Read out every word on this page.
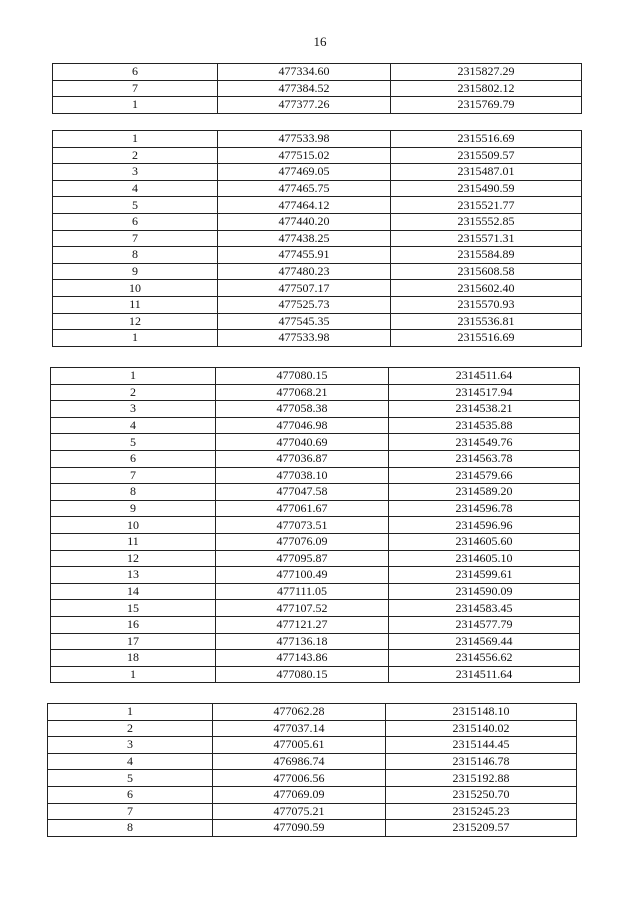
16
6	477334.60	2315827.29
7	477384.52	2315802.12
1	477377.26	2315769.79
1	477533.98	2315516.69
2	477515.02	2315509.57
3	477469.05	2315487.01
4	477465.75	2315490.59
5	477464.12	2315521.77
6	477440.20	2315552.85
7	477438.25	2315571.31
8	477455.91	2315584.89
9	477480.23	2315608.58
10	477507.17	2315602.40
11	477525.73	2315570.93
12	477545.35	2315536.81
1	477533.98	2315516.69
1	477080.15	2314511.64
2	477068.21	2314517.94
3	477058.38	2314538.21
4	477046.98	2314535.88
5	477040.69	2314549.76
6	477036.87	2314563.78
7	477038.10	2314579.66
8	477047.58	2314589.20
9	477061.67	2314596.78
10	477073.51	2314596.96
11	477076.09	2314605.60
12	477095.87	2314605.10
13	477100.49	2314599.61
14	477111.05	2314590.09
15	477107.52	2314583.45
16	477121.27	2314577.79
17	477136.18	2314569.44
18	477143.86	2314556.62
1	477080.15	2314511.64
1	477062.28	2315148.10
2	477037.14	2315140.02
3	477005.61	2315144.45
4	476986.74	2315146.78
5	477006.56	2315192.88
6	477069.09	2315250.70
7	477075.21	2315245.23
8	477090.59	2315209.57
